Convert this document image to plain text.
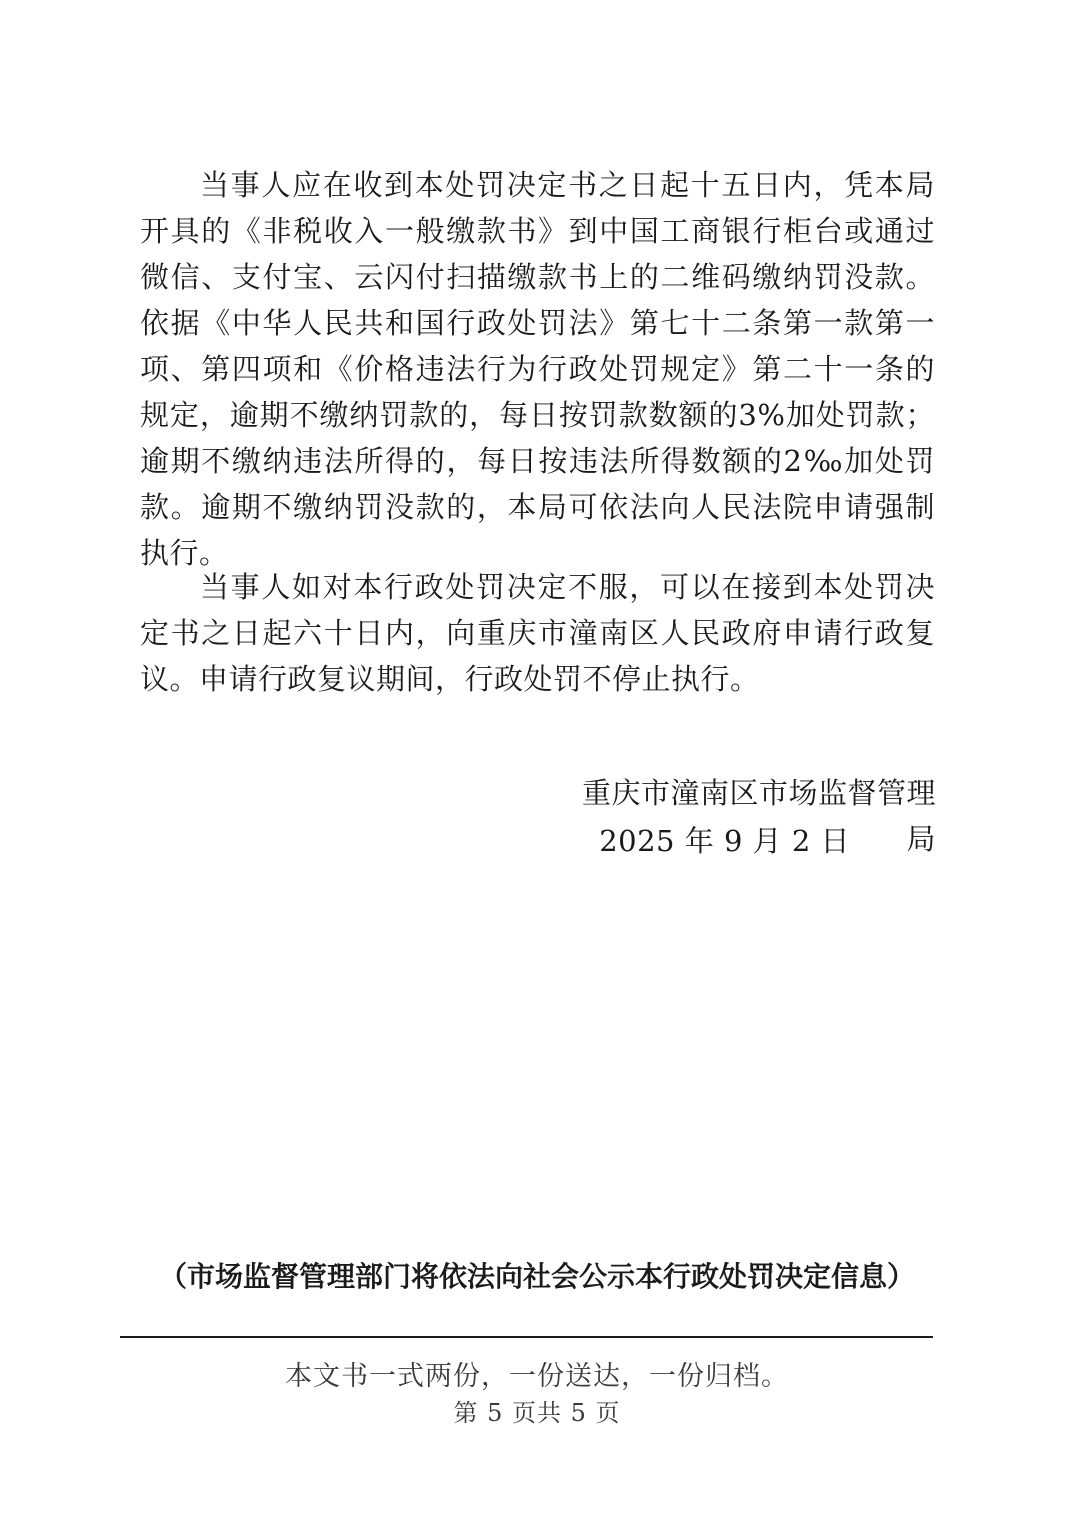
当事人应在收到本处罚决定书之日起十五日内，凭本局开具的《非税收入一般缴款书》到中国工商银行柜台或通过微信、支付宝、云闪付扫描缴款书上的二维码缴纳罚没款。依据《中华人民共和国行政处罚法》第七十二条第一款第一项、第四项和《价格违法行为行政处罚规定》第二十一条的规定，逾期不缴纳罚款的，每日按罚款数额的3%加处罚款；逾期不缴纳违法所得的，每日按违法所得数额的2‰加处罚款。逾期不缴纳罚没款的，本局可依法向人民法院申请强制执行。

当事人如对本行政处罚决定不服，可以在接到本处罚决定书之日起六十日内，向重庆市潼南区人民政府申请行政复议。申请行政复议期间，行政处罚不停止执行。

重庆市潼南区市场监督管理局
2025 年 9 月 2 日
（市场监督管理部门将依法向社会公示本行政处罚决定信息）
本文书一式两份，一份送达，一份归档。
第 5 页共 5 页
